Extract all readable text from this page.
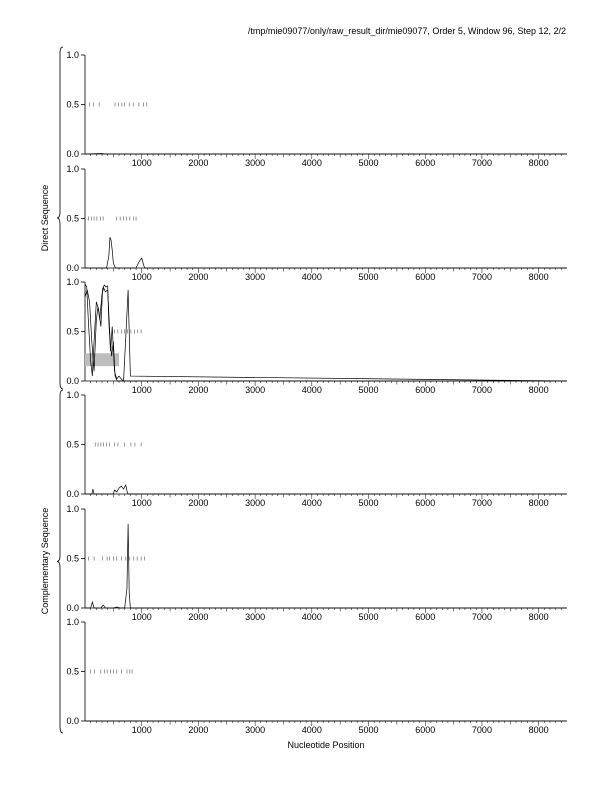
/tmp/mie09077/only/raw_result_dir/mie09077, Order 5, Window 96, Step 12, 2/2
0.0
0.5
1.0
1000	2000	3000	4000	5000	6000	7000	8000
0.0
0.5
1.0
1000	2000	3000	4000	5000	6000	7000	8000
0.0
0.5
1.0
1000	2000	3000	4000	5000	6000	7000	8000
0.0
0.5
1.0
1000	2000	3000	4000	5000	6000	7000	8000
0.0
0.5
1.0
1000	2000	3000	4000	5000	6000	7000	8000
0.0
0.5
1.0
1000	2000	3000	4000	5000	6000	7000	8000
Direct Sequence
Complementary Sequence
Nucleotide Position
